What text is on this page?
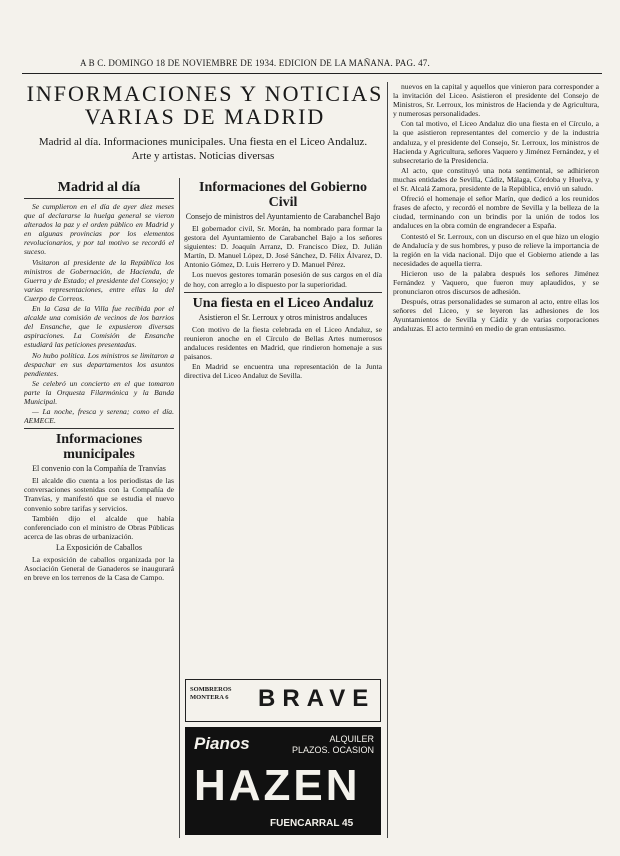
A B C. DOMINGO 18 DE NOVIEMBRE DE 1934. EDICION DE LA MAÑANA. PAG. 47.
INFORMACIONES Y NOTICIAS VARIAS DE MADRID
Madrid al día. Informaciones municipales. Una fiesta en el Liceo Andaluz. Arte y artistas. Noticias diversas
Madrid al día

Se cumplieron en el día de ayer diez meses que al declararse la huelga general se vieron alterados la paz y el orden público en Madrid y en algunas provincias por los elementos revolucionarios, y por tal motivo se recordó el suceso.

Visitaron al presidente de la República los ministros de Gobernación, de Hacienda, de Guerra y de Estado; el presidente del Consejo; y varias representaciones, entre ellas la del Cuerpo de Correos.

En la Casa de la Villa fue recibida por el alcalde una comisión de vecinos de los barrios del Ensanche, que le expusieron diversas aspiraciones. La Comisión de Ensanche estudiará las peticiones presentadas.

No hubo política. Los ministros se limitaron a despachar en sus departamentos los asuntos pendientes.

Se celebró un concierto en el que tomaron parte la Orquesta Filarmónica y la Banda Municipal.

— La noche, fresca y serena; como el día. AEMECE.

Informaciones municipales
El convenio con la Compañía de Tranvías

El alcalde dio cuenta a los periodistas de las conversaciones sostenidas con la Compañía de Tranvías, y manifestó que se estudia el nuevo convenio sobre tarifas y servicios.

También dijo el alcalde que había conferenciado con el ministro de Obras Públicas acerca de las obras de urbanización.

La Exposición de Caballos

La exposición de caballos organizada por la Asociación General de Ganaderos se inaugurará en breve en los terrenos de la Casa de Campo.

Informaciones del Gobierno Civil
Consejo de ministros del Ayuntamiento de Carabanchel Bajo

El gobernador civil, Sr. Morán, ha nombrado para formar la gestora del Ayuntamiento de Carabanchel Bajo a los señores siguientes: D. Joaquín Arranz, D. Francisco Díez, D. Julián Martín, D. Manuel López, D. José Sánchez, D. Félix Álvarez, D. Antonio Gómez, D. Luis Herrero y D. Manuel Pérez.

Los nuevos gestores tomarán posesión de sus cargos en el día de hoy, con arreglo a lo dispuesto por la superioridad.

Una fiesta en el Liceo Andaluz
Asistieron el Sr. Lerroux y otros ministros andaluces

Con motivo de la fiesta celebrada en el Liceo Andaluz, se reunieron anoche en el Círculo de Bellas Artes numerosos andaluces residentes en Madrid, que rindieron homenaje a sus paisanos.

En Madrid se encuentra una representación de la Junta directiva del Liceo Andaluz de Sevilla.

SOMBREROS
MONTERA 6 BRAVE
Pianos	ALQUILER
PLAZOS. OCASION
HAZEN
FUENCARRAL 45

nuevos en la capital y aquellos que vinieron para corresponder a la invitación del Liceo. Asistieron el presidente del Consejo de Ministros, Sr. Lerroux, los ministros de Hacienda y de Agricultura, y numerosas personalidades.

Con tal motivo, el Liceo Andaluz dio una fiesta en el Círculo, a la que asistieron representantes del comercio y de la industria andaluza, y el presidente del Consejo, Sr. Lerroux, los ministros de Hacienda y Agricultura, señores Vaquero y Jiménez Fernández, y el subsecretario de la Presidencia.

Al acto, que constituyó una nota sentimental, se adhirieron muchas entidades de Sevilla, Cádiz, Málaga, Córdoba y Huelva, y el Sr. Alcalá Zamora, presidente de la República, envió un saludo.

Ofreció el homenaje el señor Marín, que dedicó a los reunidos frases de afecto, y recordó el nombre de Sevilla y la belleza de la ciudad, terminando con un brindis por la unión de todos los andaluces en la obra común de engrandecer a España.

Contestó el Sr. Lerroux, con un discurso en el que hizo un elogio de Andalucía y de sus hombres, y puso de relieve la importancia de la región en la vida nacional. Dijo que el Gobierno atiende a las necesidades de aquella tierra.

Hicieron uso de la palabra después los señores Jiménez Fernández y Vaquero, que fueron muy aplaudidos, y se pronunciaron otros discursos de adhesión.

Después, otras personalidades se sumaron al acto, entre ellas los señores del Liceo, y se leyeron las adhesiones de los Ayuntamientos de Sevilla y Cádiz y de varias corporaciones andaluzas. El acto terminó en medio de gran entusiasmo.
